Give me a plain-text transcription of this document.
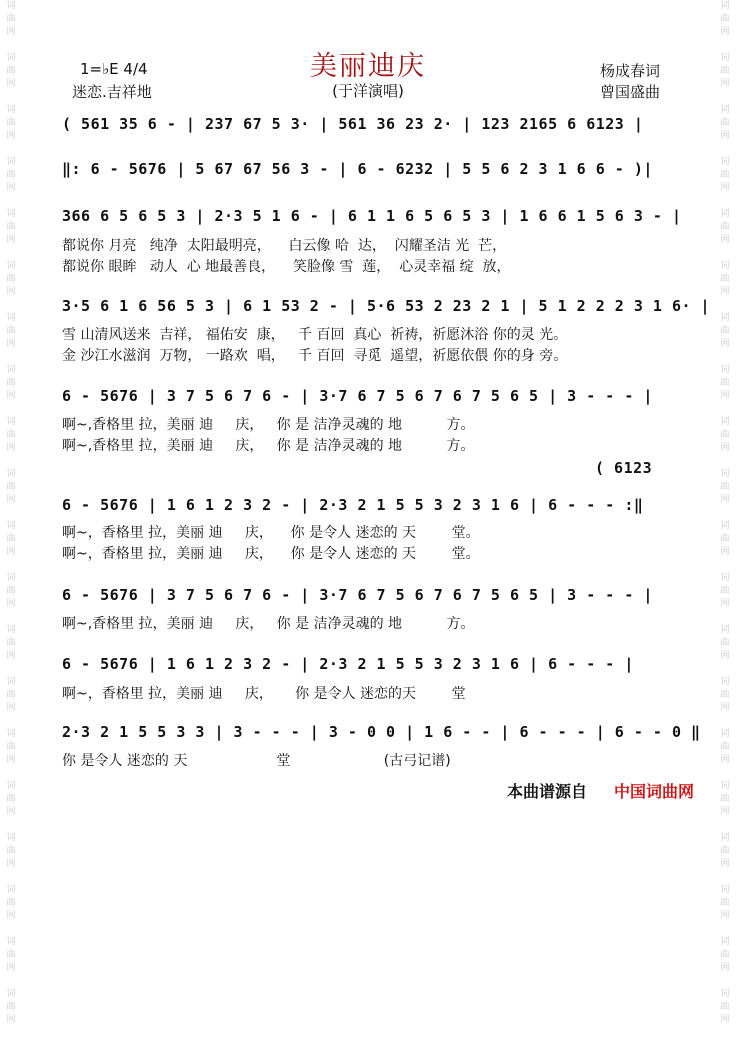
词
曲
网

词
曲
网

词
曲
网

词
曲
网

词
曲
网

词
曲
网

词
曲
网

词
曲
网

词
曲
网

词
曲
网

词
曲
网

词
曲
网

词
曲
网

词
曲
网

词
曲
网

词
曲
网

词
曲
网

词
曲
网

词
曲
网

词
曲
网

词
曲
网

词
曲
网

词
曲
网

词
曲
网

词
曲
网

词
曲
网

词
曲
网

词
曲
网

词
曲
网

词
曲
网

词
曲
网

词
曲
网

词
曲
网

词
曲
网

词
曲
网

词
曲
网

词
曲
网

词
曲
网

词
曲
网

词
曲
网

美丽迪庆
(于洋演唱)
1=♭E 4/4
迷恋.吉祥地
杨成春词
曾国盛曲
( 561 35 6 - | 237 67 5 3· | 561 36 23 2· | 123 2165 6 6123 |
‖: 6 - 5676 | 5 67 67 56 3 - | 6 - 6232 | 5 5 6 2 3 1 6 6 - )|
366 6 5 6 5 3 | 2·3 5 1 6 - | 6 1 1 6 5 6 5 3 | 1 6 6 1 5 6 3 - |
都说你 月亮   纯净  太阳最明亮，    白云像 哈  达，  闪耀圣洁 光  芒，
都说你 眼眸   动人  心 地最善良，    笑脸像 雪  莲，  心灵幸福 绽  放，
3·5 6 1 6 56 5 3 | 6 1 53 2 - | 5·6 53 2 23 2 1 | 5 1 2 2 2 3 1 6· |
雪 山清风送来  吉祥， 福佑安  康，   千 百回  真心  祈祷，祈愿沐浴 你的灵 光。
金 沙江水滋润  万物， 一路欢  唱，   千 百回  寻觅  遥望，祈愿依偎 你的身 旁。
6 - 5676 | 3 7 5 6 7 6 - | 3·7 6 7 5 6 7 6 7 5 6 5 | 3 - - - |
啊~,香格里 拉，美丽 迪     庆，   你 是 洁净灵魂的 地          方。
啊~,香格里 拉，美丽 迪     庆，   你 是 洁净灵魂的 地          方。
( 6123
6 - 5676 | 1 6 1 2 3 2 - | 2·3 2 1 5 5 3 2 3 1 6 | 6 - - - :‖
啊~，香格里 拉，美丽 迪     庆，    你 是令人 迷恋的 天        堂。
啊~，香格里 拉，美丽 迪     庆，    你 是令人 迷恋的 天        堂。
6 - 5676 | 3 7 5 6 7 6 - | 3·7 6 7 5 6 7 6 7 5 6 5 | 3 - - - |
啊~,香格里 拉，美丽 迪     庆，   你 是 洁净灵魂的 地          方。
6 - 5676 | 1 6 1 2 3 2 - | 2·3 2 1 5 5 3 2 3 1 6 | 6 - - - |
啊~，香格里 拉，美丽 迪     庆，     你 是令人 迷恋的天        堂
2·3 2 1 5 5 3 3 | 3 - - - | 3 - 0 0 | 1 6 - - | 6 - - - | 6 - - 0 ‖
你 是令人 迷恋的 天                    堂                     (古弓记谱)
本曲谱源自 中国词曲网
